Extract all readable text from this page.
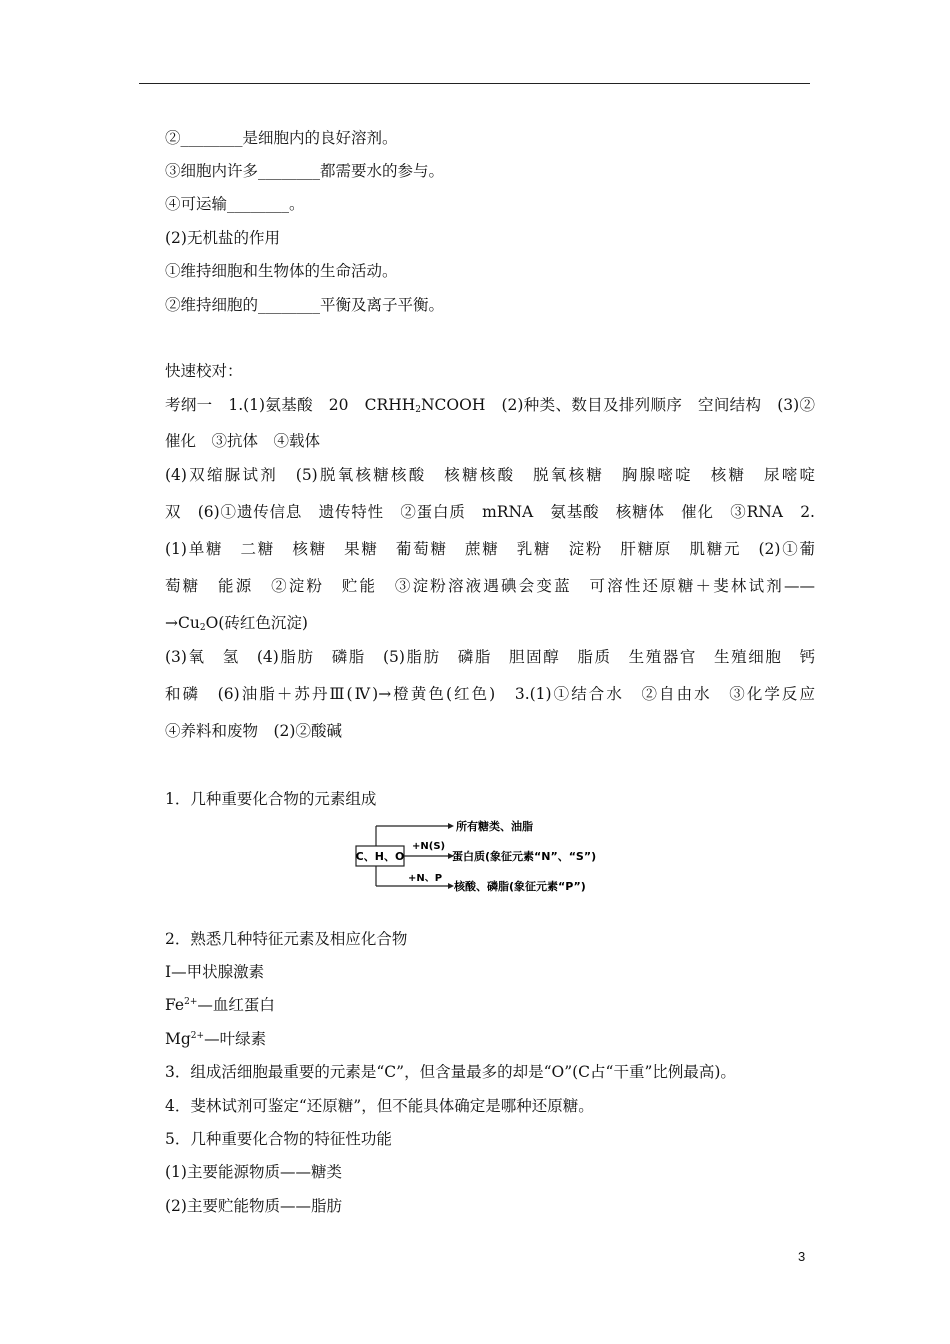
②________是细胞内的良好溶剂。
③细胞内许多________都需要水的参与。
④可运输________。
(2)无机盐的作用
①维持细胞和生物体的生命活动。
②维持细胞的________平衡及离子平衡。
快速校对：
考纲一　1.(1)氨基酸　20　$CRHH_2NCOOH$　(2)种类、数目及排列顺序　空间结构　(3)②
催化　③抗体　④载体
(4)双缩脲试剂　(5)脱氧核糖核酸　核糖核酸　脱氧核糖　胸腺嘧啶　核糖　尿嘧啶
双　(6)①遗传信息　遗传特性　②蛋白质　mRNA　氨基酸　核糖体　催化　③RNA　2.
(1)单糖　二糖　核糖　果糖　葡萄糖　蔗糖　乳糖　淀粉　肝糖原　肌糖元　(2)①葡
萄糖　能源　②淀粉　贮能　③淀粉溶液遇碘会变蓝　可溶性还原糖＋斐林试剂——
$\to Cu_2O$(砖红色沉淀)
(3)氧　氢　(4)脂肪　磷脂　(5)脂肪　磷脂　胆固醇　脂质　生殖器官　生殖细胞　钙
和磷　(6)油脂＋苏丹Ⅲ(Ⅳ)→橙黄色(红色)　3.(1)①结合水　②自由水　③化学反应
④养料和废物　(2)②酸碱
1．几种重要化合物的元素组成
C、H、O
所有糖类、油脂
+N(S)
蛋白质(象征元素“N”、“S”)
+N、P
核酸、磷脂(象征元素“P”)
2．熟悉几种特征元素及相应化合物
I—甲状腺激素
$Fe^{2+}—$血红蛋白
$Mg^{2+}—$叶绿素
3．组成活细胞最重要的元素是“C”，但含量最多的却是“O”(C占“干重”比例最高)。
4．斐林试剂可鉴定“还原糖”，但不能具体确定是哪种还原糖。
5．几种重要化合物的特征性功能
(1)主要能源物质——糖类
(2)主要贮能物质——脂肪
3
